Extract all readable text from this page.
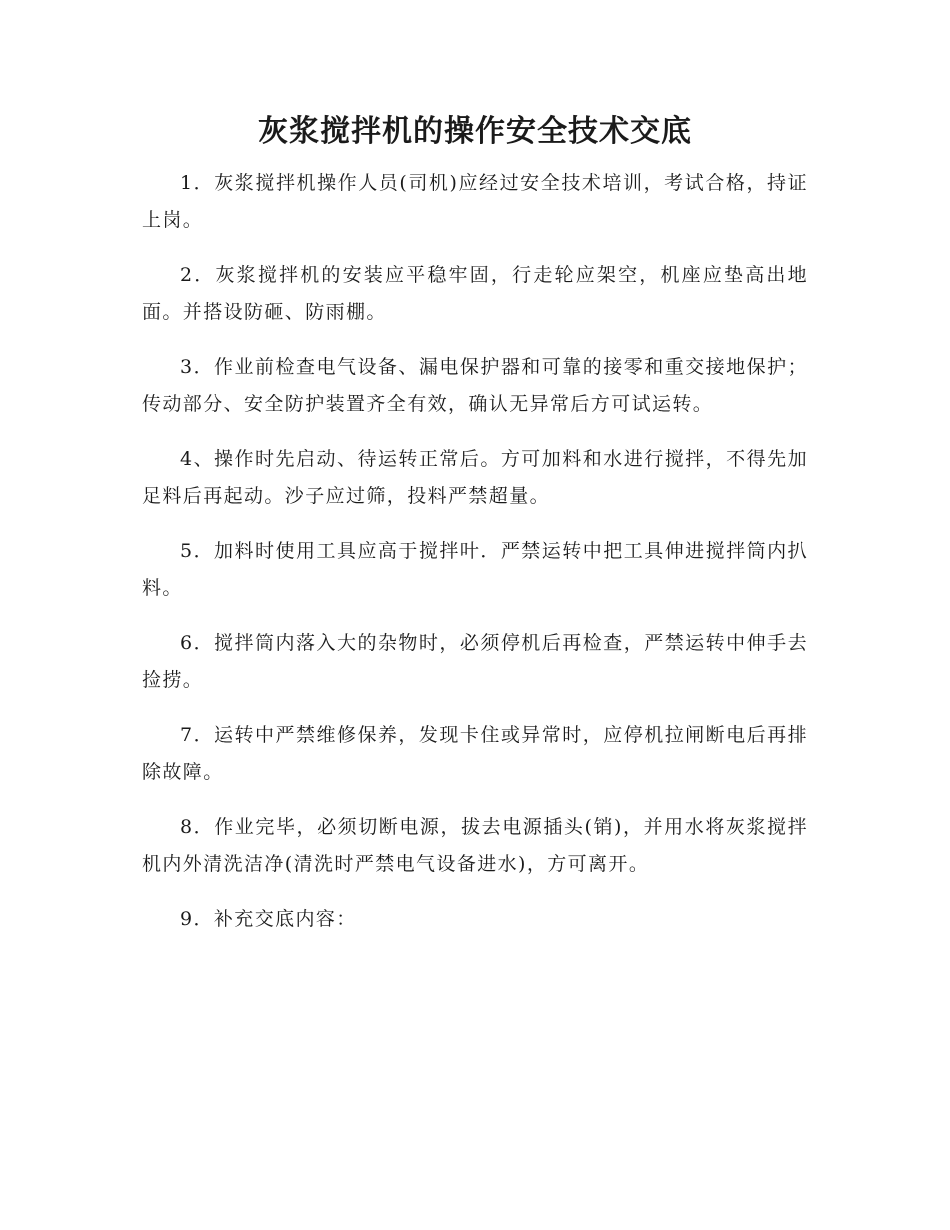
灰浆搅拌机的操作安全技术交底

1．灰浆搅拌机操作人员(司机)应经过安全技术培训，考试合格，持证上岗。

2．灰浆搅拌机的安装应平稳牢固，行走轮应架空，机座应垫高出地面。并搭设防砸、防雨棚。

3．作业前检查电气设备、漏电保护器和可靠的接零和重交接地保护；传动部分、安全防护装置齐全有效，确认无异常后方可试运转。

4、操作时先启动、待运转正常后。方可加料和水进行搅拌，不得先加足料后再起动。沙子应过筛，投料严禁超量。

5．加料时使用工具应高于搅拌叶．严禁运转中把工具伸进搅拌筒内扒料。

6．搅拌筒内落入大的杂物时，必须停机后再检查，严禁运转中伸手去捡捞。

7．运转中严禁维修保养，发现卡住或异常时，应停机拉闸断电后再排除故障。

8．作业完毕，必须切断电源，拔去电源插头(销)，并用水将灰浆搅拌机内外清洗洁净(清洗时严禁电气设备进水)，方可离开。

9．补充交底内容：
